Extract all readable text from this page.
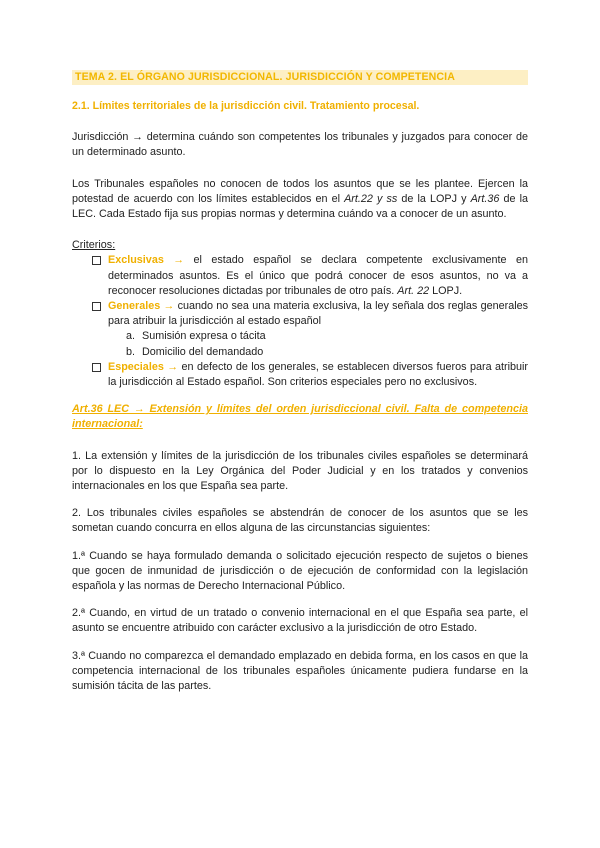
TEMA 2. EL ÓRGANO JURISDICCIONAL. JURISDICCIÓN Y COMPETENCIA
2.1. Límites territoriales de la jurisdicción civil. Tratamiento procesal.

Jurisdicción → determina cuándo son competentes los tribunales y juzgados para conocer de un determinado asunto.

Los Tribunales españoles no conocen de todos los asuntos que se les plantee. Ejercen la potestad de acuerdo con los límites establecidos en el Art.22 y ss de la LOPJ y Art.36 de la LEC. Cada Estado fija sus propias normas y determina cuándo va a conocer de un asunto.

Criterios:

Exclusivas → el estado español se declara competente exclusivamente en determinados asuntos. Es el único que podrá conocer de esos asuntos, no va a reconocer resoluciones dictadas por tribunales de otro país. Art. 22 LOPJ.
Generales → cuando no sea una materia exclusiva, la ley señala dos reglas generales para atribuir la jurisdicción al estado español
a. Sumisión expresa o tácita
b. Domicilio del demandado
Especiales → en defecto de los generales, se establecen diversos fueros para atribuir la jurisdicción al Estado español. Son criterios especiales pero no exclusivos.

Art.36 LEC → Extensión y límites del orden jurisdiccional civil. Falta de competencia internacional:

1. La extensión y límites de la jurisdicción de los tribunales civiles españoles se determinará por lo dispuesto en la Ley Orgánica del Poder Judicial y en los tratados y convenios internacionales en los que España sea parte.

2. Los tribunales civiles españoles se abstendrán de conocer de los asuntos que se les sometan cuando concurra en ellos alguna de las circunstancias siguientes:

1.ª Cuando se haya formulado demanda o solicitado ejecución respecto de sujetos o bienes que gocen de inmunidad de jurisdicción o de ejecución de conformidad con la legislación española y las normas de Derecho Internacional Público.

2.ª Cuando, en virtud de un tratado o convenio internacional en el que España sea parte, el asunto se encuentre atribuido con carácter exclusivo a la jurisdicción de otro Estado.

3.ª Cuando no comparezca el demandado emplazado en debida forma, en los casos en que la competencia internacional de los tribunales españoles únicamente pudiera fundarse en la sumisión tácita de las partes.
